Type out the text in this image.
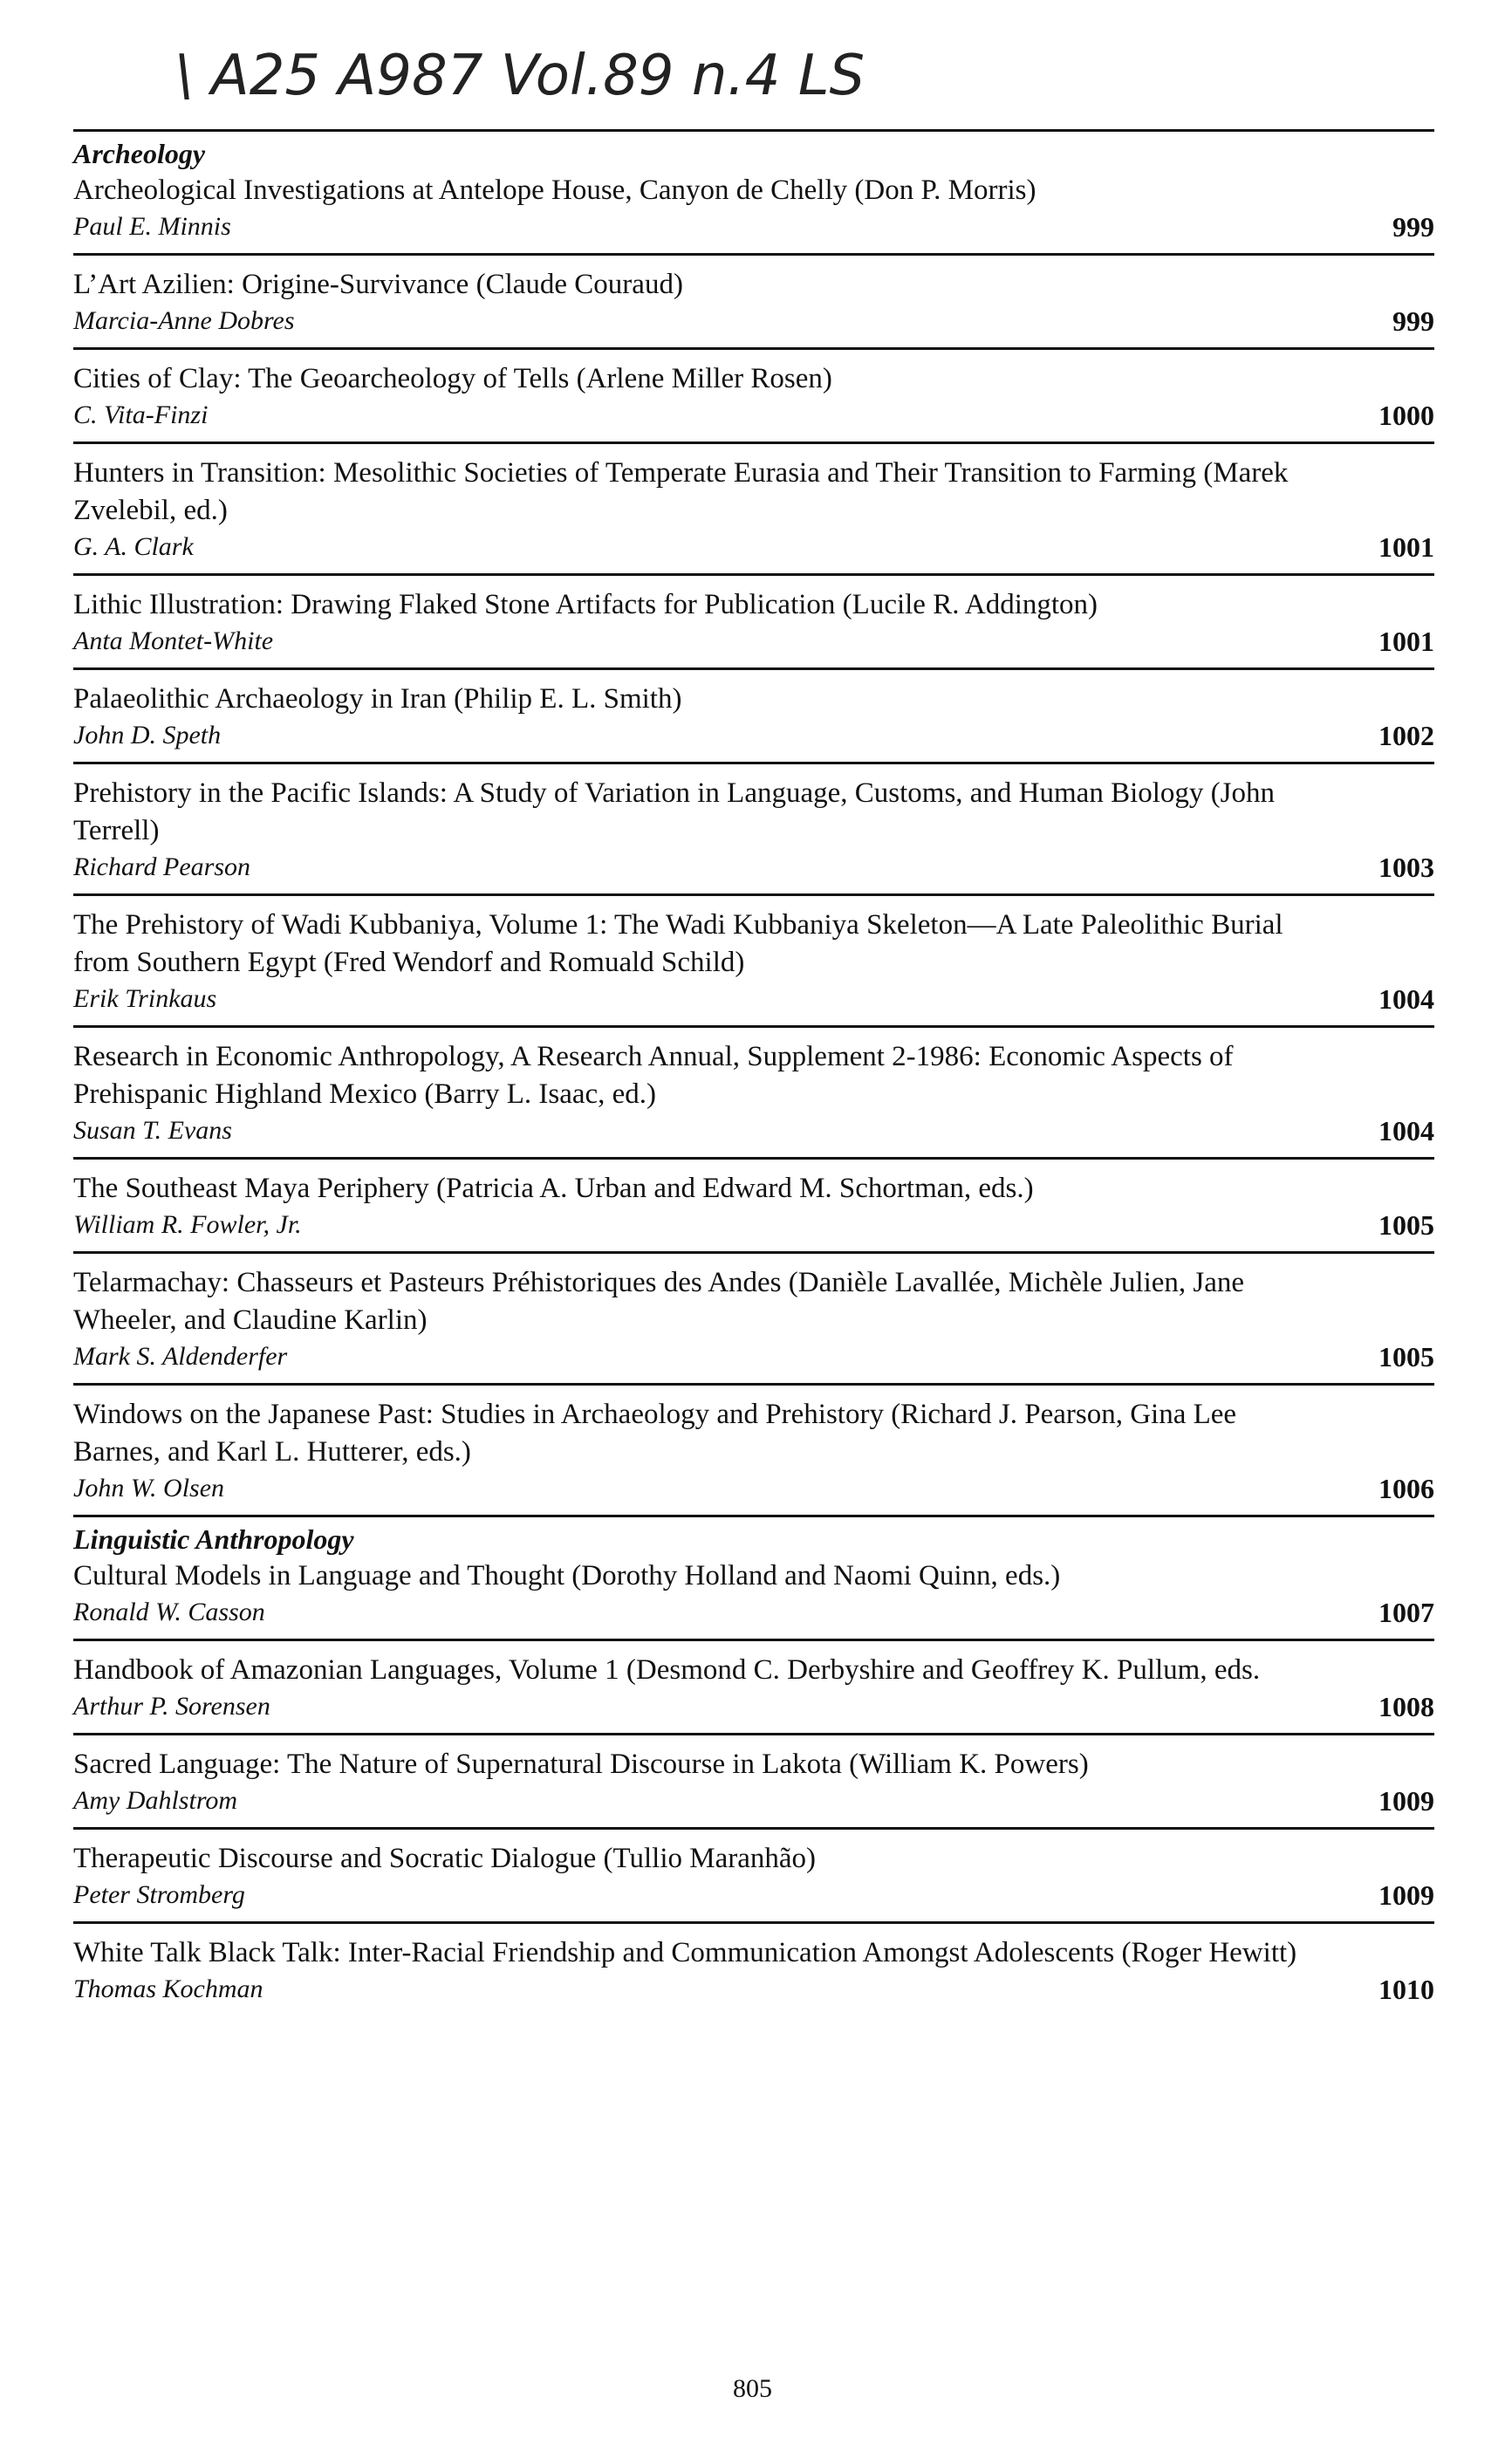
\ A25 A987 Vol.89 n.4 LS
Archeology
Archeological Investigations at Antelope House, Canyon de Chelly (Don P. Morris)
Paul E. Minnis	999
L’Art Azilien: Origine-Survivance (Claude Couraud)
Marcia-Anne Dobres	999
Cities of Clay: The Geoarcheology of Tells (Arlene Miller Rosen)
C. Vita-Finzi	1000
Hunters in Transition: Mesolithic Societies of Temperate Eurasia and Their Transition to Farming (Marek Zvelebil, ed.)
G. A. Clark	1001
Lithic Illustration: Drawing Flaked Stone Artifacts for Publication (Lucile R. Addington)
Anta Montet-White	1001
Palaeolithic Archaeology in Iran (Philip E. L. Smith)
John D. Speth	1002
Prehistory in the Pacific Islands: A Study of Variation in Language, Customs, and Human Biology (John Terrell)
Richard Pearson	1003
The Prehistory of Wadi Kubbaniya, Volume 1: The Wadi Kubbaniya Skeleton—A Late Paleolithic Burial from Southern Egypt (Fred Wendorf and Romuald Schild)
Erik Trinkaus	1004
Research in Economic Anthropology, A Research Annual, Supplement 2-1986: Economic Aspects of Prehispanic Highland Mexico (Barry L. Isaac, ed.)
Susan T. Evans	1004
The Southeast Maya Periphery (Patricia A. Urban and Edward M. Schortman, eds.)
William R. Fowler, Jr.	1005
Telarmachay: Chasseurs et Pasteurs Préhistoriques des Andes (Danièle Lavallée, Michèle Julien, Jane Wheeler, and Claudine Karlin)
Mark S. Aldenderfer	1005
Windows on the Japanese Past: Studies in Archaeology and Prehistory (Richard J. Pearson, Gina Lee Barnes, and Karl L. Hutterer, eds.)
John W. Olsen	1006
Linguistic Anthropology
Cultural Models in Language and Thought (Dorothy Holland and Naomi Quinn, eds.)
Ronald W. Casson	1007
Handbook of Amazonian Languages, Volume 1 (Desmond C. Derbyshire and Geoffrey K. Pullum, eds.
Arthur P. Sorensen	1008
Sacred Language: The Nature of Supernatural Discourse in Lakota (William K. Powers)
Amy Dahlstrom	1009
Therapeutic Discourse and Socratic Dialogue (Tullio Maranhão)
Peter Stromberg	1009
White Talk Black Talk: Inter-Racial Friendship and Communication Amongst Adolescents (Roger Hewitt)
Thomas Kochman	1010
805
